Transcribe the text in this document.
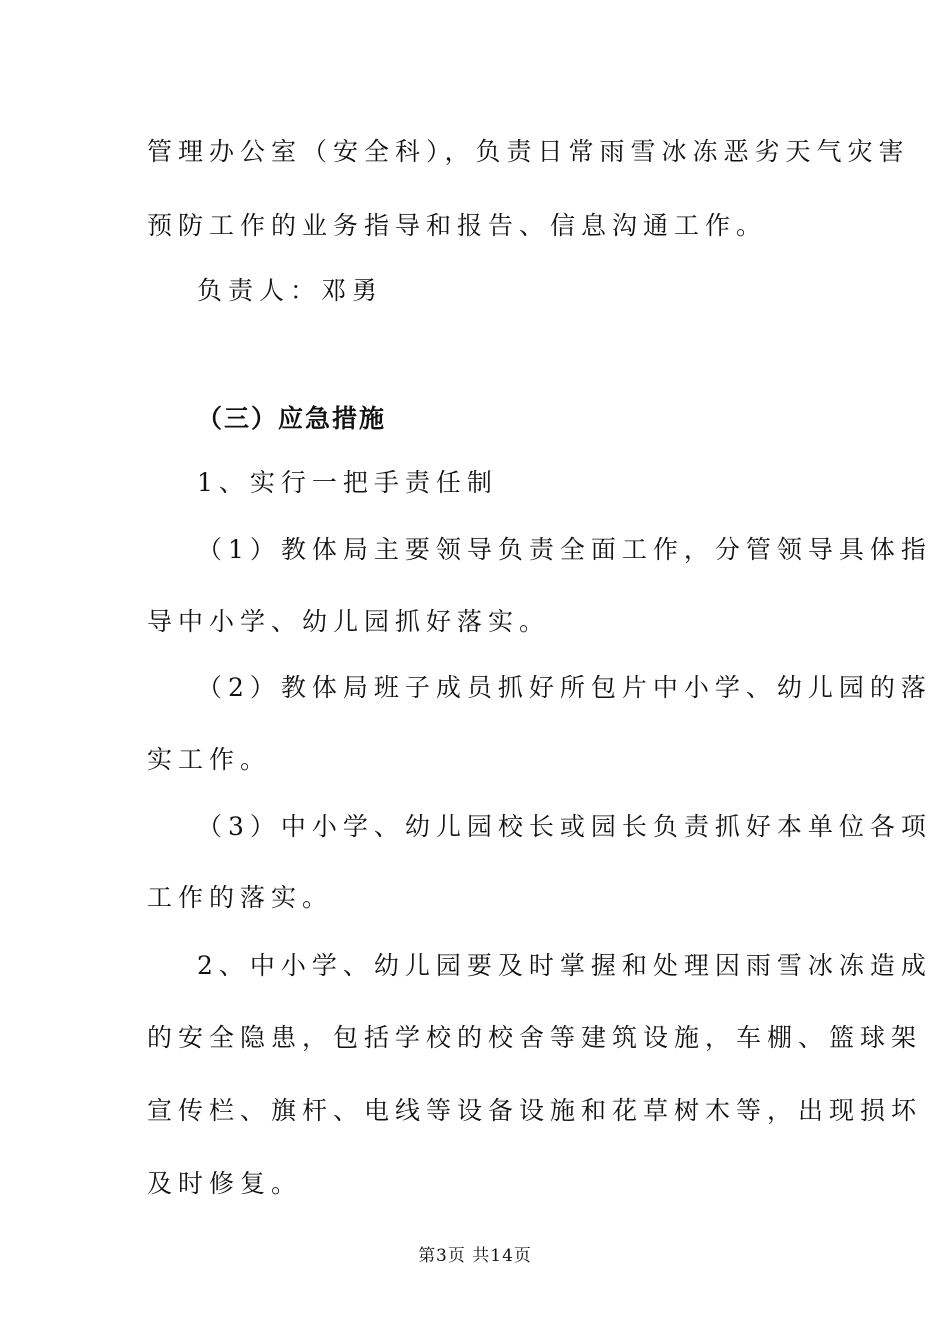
管理办公室（安全科），负责日常雨雪冰冻恶劣天气灾害
预防工作的业务指导和报告、信息沟通工作。
负责人：邓勇
（三）应急措施
1、实行一把手责任制
（1）教体局主要领导负责全面工作，分管领导具体指
导中小学、幼儿园抓好落实。
（2）教体局班子成员抓好所包片中小学、幼儿园的落
实工作。
（3）中小学、幼儿园校长或园长负责抓好本单位各项
工作的落实。
2、中小学、幼儿园要及时掌握和处理因雨雪冰冻造成
的安全隐患，包括学校的校舍等建筑设施，车棚、篮球架
宣传栏、旗杆、电线等设备设施和花草树木等，出现损坏
及时修复。
第3页 共14页
